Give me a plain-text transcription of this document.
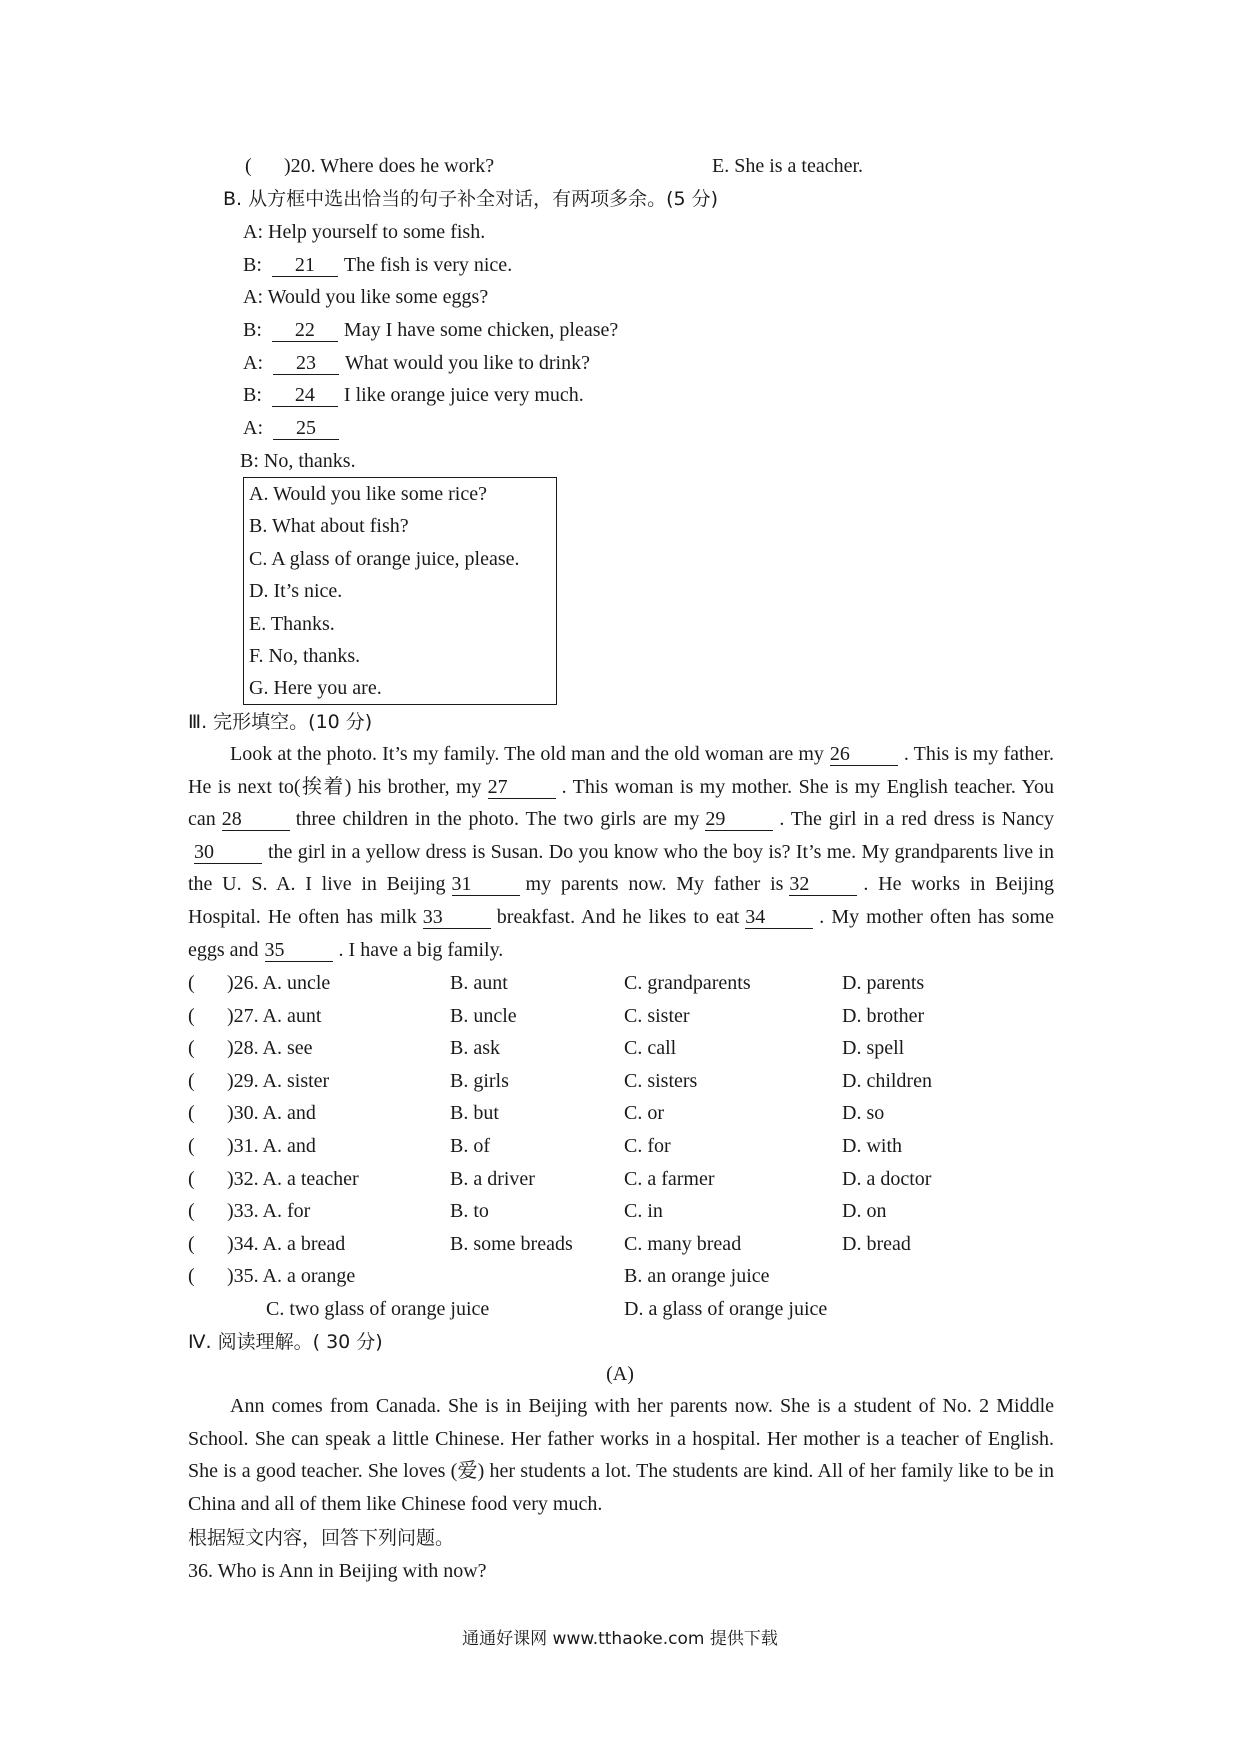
( )20. Where does he work?	E. She is a teacher.
B. 从方框中选出恰当的句子补全对话，有两项多余。(5 分)
A: Help yourself to some fish.
B: 21 The fish is very nice.
A: Would you like some eggs?
B: 22 May I have some chicken, please?
A: 23 What would you like to drink?
B: 24 I like orange juice very much.
A: 25
B: No, thanks.
A. Would you like some rice?
B. What about fish?
C. A glass of orange juice, please.
D. It’s nice.
E. Thanks.
F. No, thanks.
G. Here you are.
Ⅲ. 完形填空。(10 分)
Look at the photo. It’s my family. The old man and the old woman are my 26	. This is my father. He is next to(挨着) his brother, my 27	. This woman is my mother. She is my English teacher. You can 28	three children in the photo. The two girls are my 29	. The girl in a red dress is Nancy30	the girl in a yellow dress is Susan. Do you know who the boy is? It’s me. My grandparents live in the U. S. A. I live in Beijing 31	my parents now. My father is 32	. He works in Beijing Hospital. He often has milk 33	breakfast. And he likes to eat 34	. My mother often has some eggs and 35	. I have a big family.
( )26. A. uncle	B. aunt	C. grandparents	D. parents
( )27. A. aunt	B. uncle	C. sister	D. brother
( )28. A. see	B. ask	C. call	D. spell
( )29. A. sister	B. girls	C. sisters	D. children
( )30. A. and	B. but	C. or	D. so
( )31. A. and	B. of	C. for	D. with
( )32. A. a teacher	B. a driver	C. a farmer	D. a doctor
( )33. A. for	B. to	C. in	D. on
( )34. A. a bread	B. some breads	C. many bread	D. bread
( )35. A. a orange	B. an orange juice
C. two glass of orange juice	D. a glass of orange juice
Ⅳ. 阅读理解。( 30 分)
(A)
Ann comes from Canada. She is in Beijing with her parents now. She is a student of No. 2 Middle School. She can speak a little Chinese. Her father works in a hospital. Her mother is a teacher of English. She is a good teacher. She loves (爱) her students a lot. The students are kind. All of her family like to be in China and all of them like Chinese food very much.
根据短文内容，回答下列问题。
36. Who is Ann in Beijing with now?
通通好课网 www.tthaoke.com 提供下载
